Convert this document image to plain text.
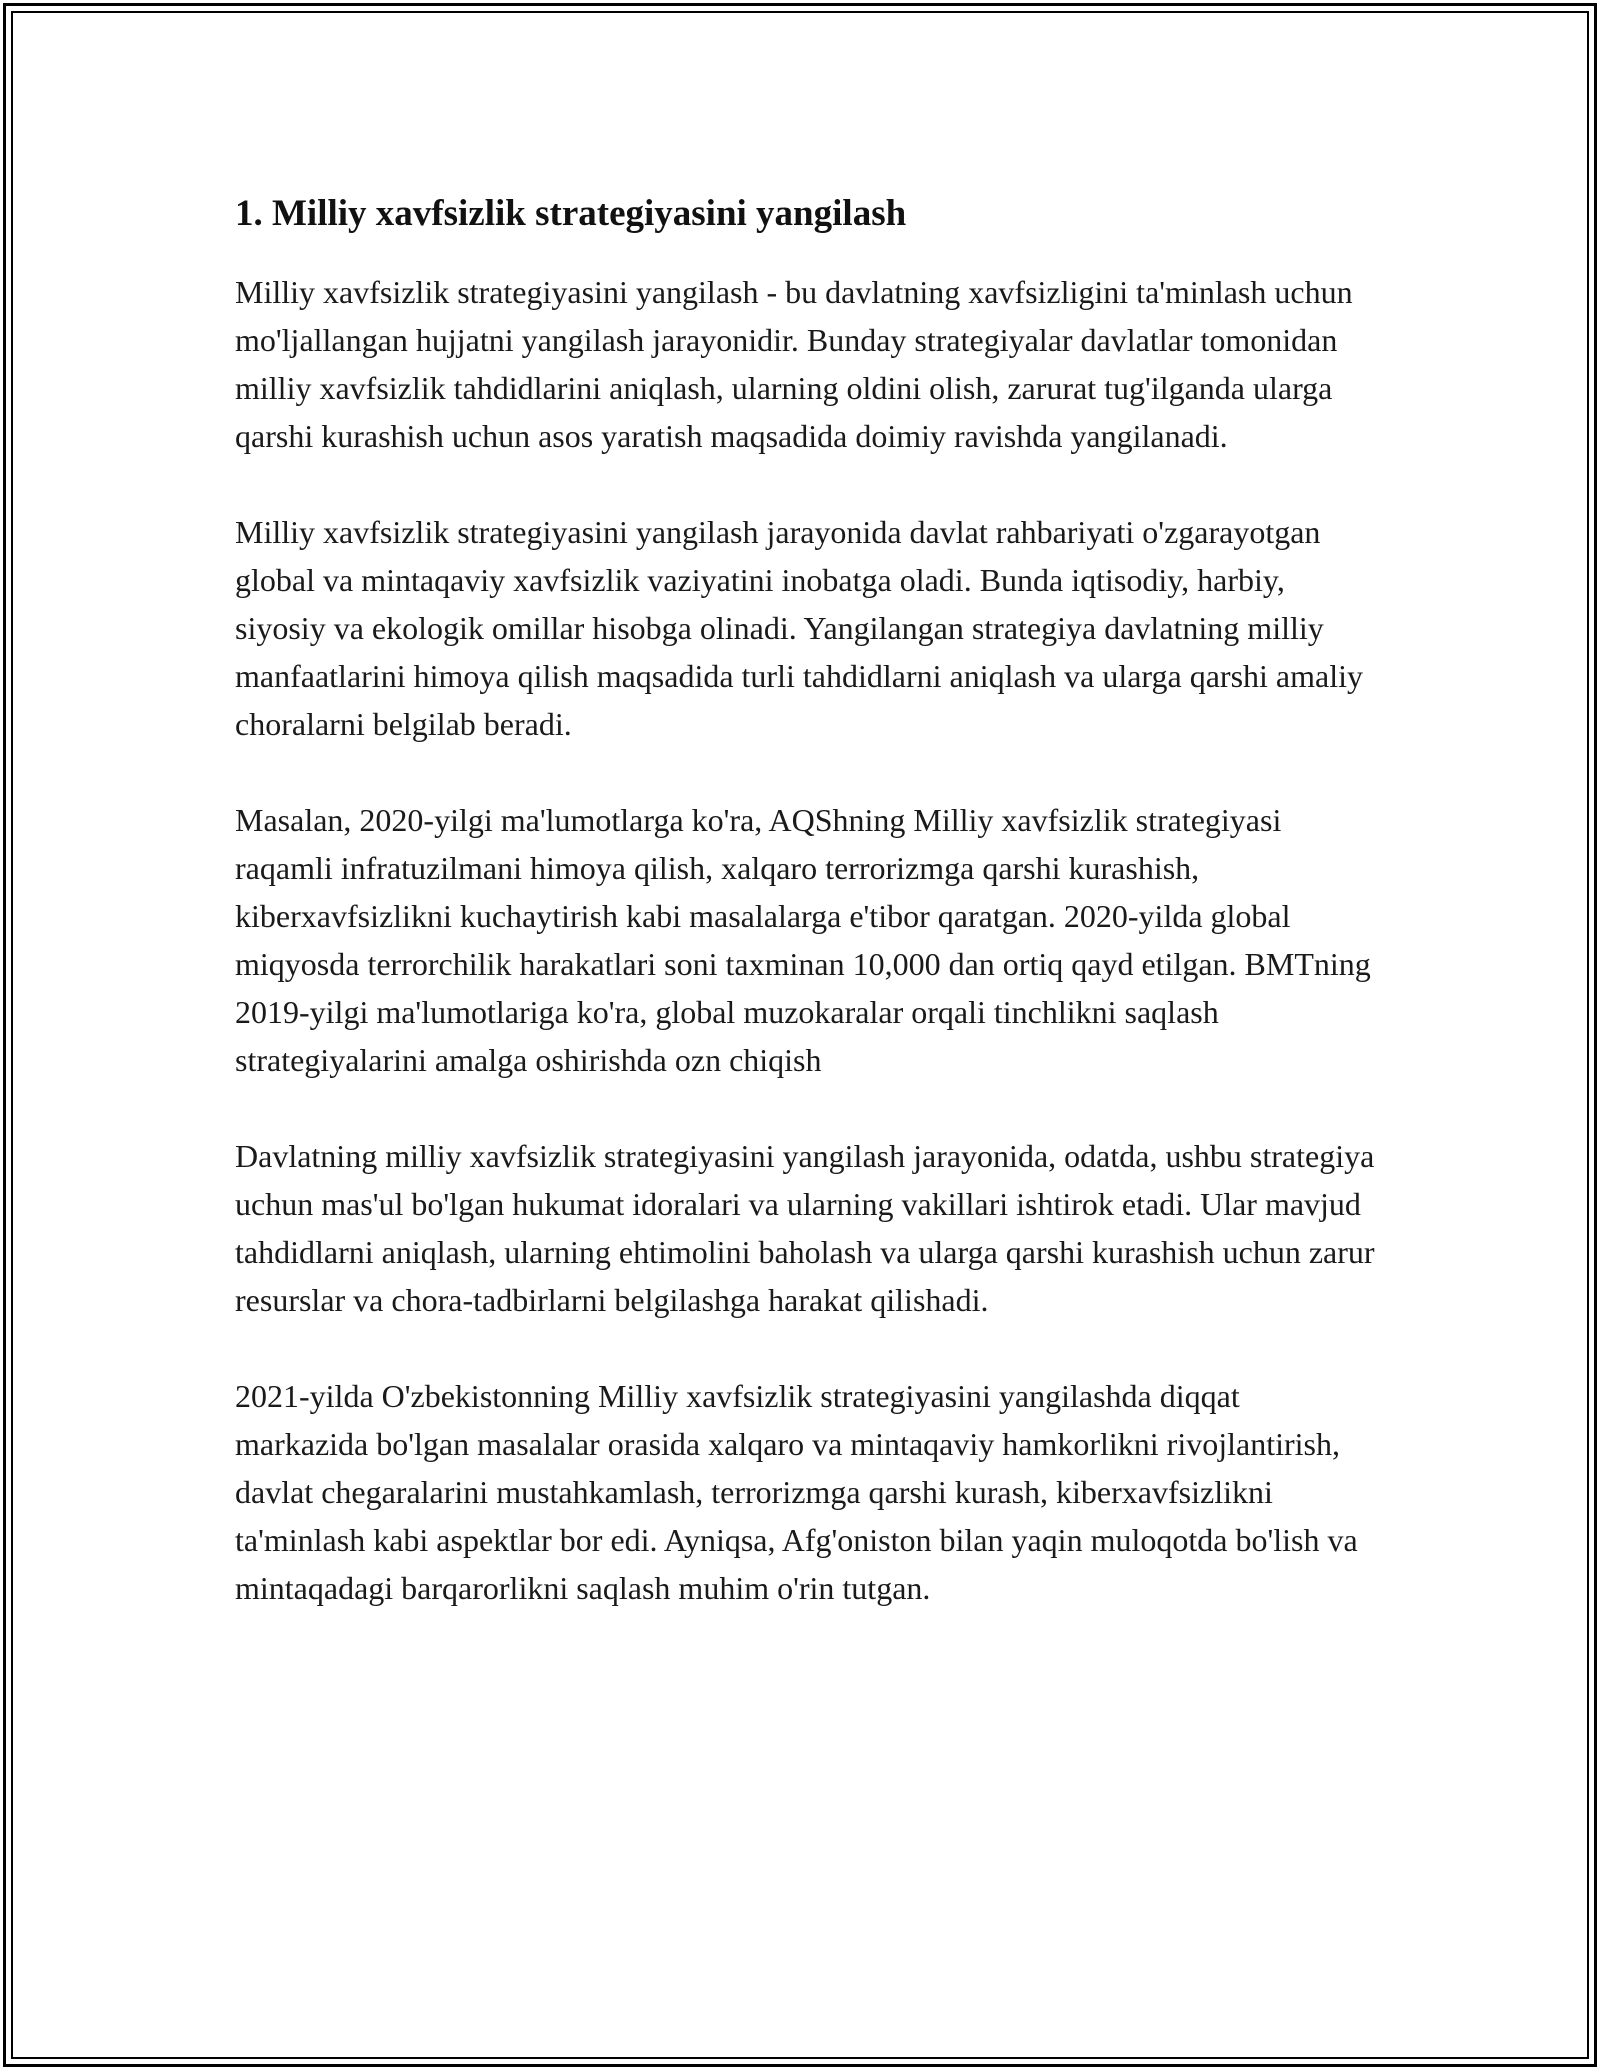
1. Milliy xavfsizlik strategiyasini yangilash

Milliy xavfsizlik strategiyasini yangilash - bu davlatning xavfsizligini ta'minlash uchun mo'ljallangan hujjatni yangilash jarayonidir. Bunday strategiyalar davlatlar tomonidan milliy xavfsizlik tahdidlarini aniqlash, ularning oldini olish, zarurat tug'ilganda ularga qarshi kurashish uchun asos yaratish maqsadida doimiy ravishda yangilanadi.

Milliy xavfsizlik strategiyasini yangilash jarayonida davlat rahbariyati o'zgarayotgan global va mintaqaviy xavfsizlik vaziyatini inobatga oladi. Bunda iqtisodiy, harbiy, siyosiy va ekologik omillar hisobga olinadi. Yangilangan strategiya davlatning milliy manfaatlarini himoya qilish maqsadida turli tahdidlarni aniqlash va ularga qarshi amaliy choralarni belgilab beradi.

Masalan, 2020-yilgi ma'lumotlarga ko'ra, AQShning Milliy xavfsizlik strategiyasi raqamli infratuzilmani himoya qilish, xalqaro terrorizmga qarshi kurashish, kiberxavfsizlikni kuchaytirish kabi masalalarga e'tibor qaratgan. 2020-yilda global miqyosda terrorchilik harakatlari soni taxminan 10,000 dan ortiq qayd etilgan. BMTning 2019-yilgi ma'lumotlariga ko'ra, global muzokaralar orqali tinchlikni saqlash strategiyalarini amalga oshirishda ozn chiqish

Davlatning milliy xavfsizlik strategiyasini yangilash jarayonida, odatda, ushbu strategiya uchun mas'ul bo'lgan hukumat idoralari va ularning vakillari ishtirok etadi. Ular mavjud tahdidlarni aniqlash, ularning ehtimolini baholash va ularga qarshi kurashish uchun zarur resurslar va chora-tadbirlarni belgilashga harakat qilishadi.

2021-yilda O'zbekistonning Milliy xavfsizlik strategiyasini yangilashda diqqat markazida bo'lgan masalalar orasida xalqaro va mintaqaviy hamkorlikni rivojlantirish, davlat chegaralarini mustahkamlash, terrorizmga qarshi kurash, kiberxavfsizlikni ta'minlash kabi aspektlar bor edi. Ayniqsa, Afg'oniston bilan yaqin muloqotda bo'lish va mintaqadagi barqarorlikni saqlash muhim o'rin tutgan.
